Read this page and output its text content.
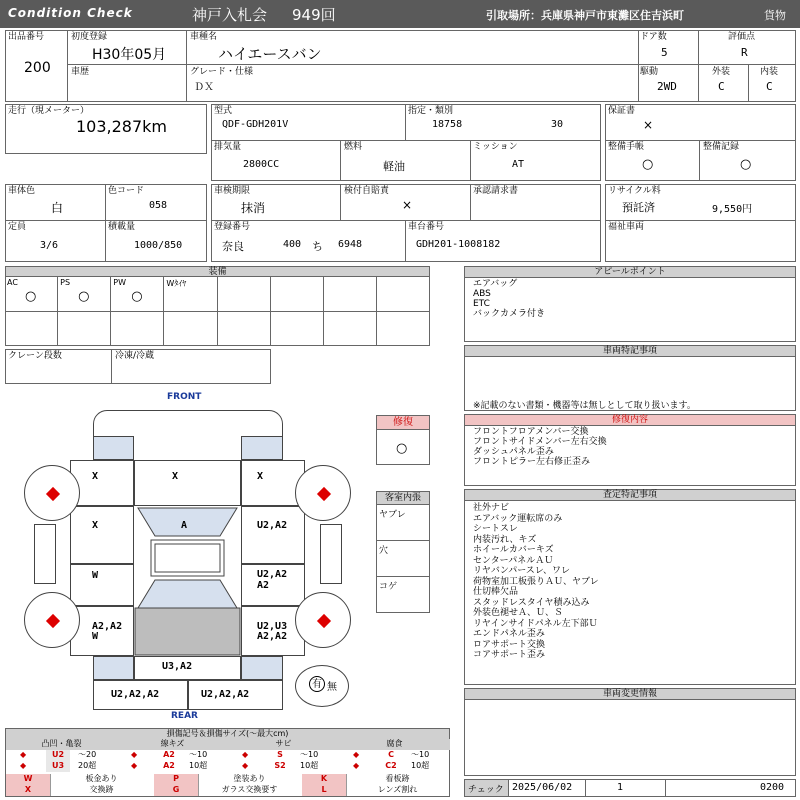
Condition Check	神戸入札会 949回	引取場所：兵庫県神戸市東灘区住吉浜町	貨物
出品番号
200
初度登録
H30年05月
車種名
ハイエースバン
ドア数
5
評価点
R
車歴	グレード・仕様
ＤＸ
駆動
2WD
外装
C
内装
C
走行（現メーター）
103,287km
型式
QDF-GDH201V
指定・類別
18758	30
排気量
2800CC
燃料
軽油
ミッション
AT
保証書
×
整備手帳
○
整備記録
○
車体色
白
色コード
058
定員
3/6
積載量
1000/850
車検期限
抹消
検付自賠責
×
承認請求書
登録番号
奈良	400 ち 6948
車台番号
GDH201-1008182
リサイクル料
預託済	9,550円
福祉車両
装備
AC
○
PS
○
PW
○
Wﾀｲﾔ
クレーン段数	冷凍/冷蔵
アピールポイント
エアバッグ
ABS
ETC
バックカメラ付き
車両特記事項
※記載のない書類・機器等は無しとして取り扱います。
修復内容
フロントフロアメンバー交換
フロントサイドメンバー左右交換
ダッシュパネル歪み
フロントピラー左右修正歪み
査定特記事項
社外ナビ
エアバック運転席のみ
シートスレ
内装汚れ、キズ
ホイールカバーキズ
センターパネルＡＵ
リヤバンパースレ、ワレ
荷物室加工板張りＡＵ、ヤブレ
仕切棒欠品
スタッドレスタイヤ積み込み
外装色褪せＡ、Ｕ、Ｓ
リヤインサイドパネル左下部Ｕ
エンドパネル歪み
ロアサポート交換
コアサポート歪み
車両変更情報
チェック 2025/06/02	1	0200
FRONT
REAR
X	X	X
X	U2,A2
W	U2,A2
A2
A2,A2
W
U2,U3
A2,A2
A
U3,A2
U2,A2,A2	U2,A2,A2
有 無
修復
○
客室内張
ヤブレ
穴
コゲ
損傷記号＆損傷サイズ(〜最大cm)
凸凹・亀裂	線キズ	サビ	腐食
◆	U2	〜20	◆	A2	〜10	◆	S	〜10	◆	C	〜10
◆	U3	20超	◆	A2	10超	◆	S2	10超	◆	C2	10超
W	板金あり	P	塗装あり	K	看板跡
X	交換跡	G	ガラス交換要す	L	レンズ割れ
